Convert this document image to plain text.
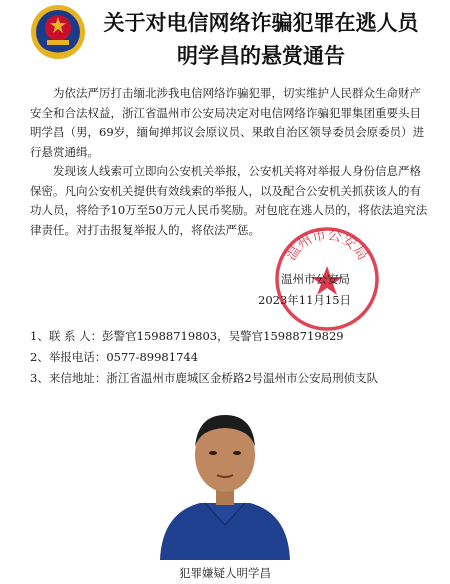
关于对电信网络诈骗犯罪在逃人员
明学昌的悬赏通告

为依法严厉打击缅北涉我电信网络诈骗犯罪，切实维护人民群众生命财产安全和合法权益，浙江省温州市公安局决定对电信网络诈骗犯罪集团重要头目明学昌（男，69岁，缅甸掸邦议会原议员、果敢自治区领导委员会原委员）进行悬赏通缉。

发现该人线索可立即向公安机关举报，公安机关将对举报人身份信息严格保密。凡向公安机关提供有效线索的举报人，以及配合公安机关抓获该人的有功人员，将给予10万至50万元人民币奖励。对包庇在逃人员的，将依法追究法律责任。对打击报复举报人的，将依法严惩。

温州市公安局
温州市公安局
2023年11月15日
1、联 系 人： 彭警官15988719803，吴警官15988719829
2、举报电话： 0577-89981744
3、来信地址： 浙江省温州市鹿城区金桥路2号温州市公安局刑侦支队
犯罪嫌疑人明学昌
